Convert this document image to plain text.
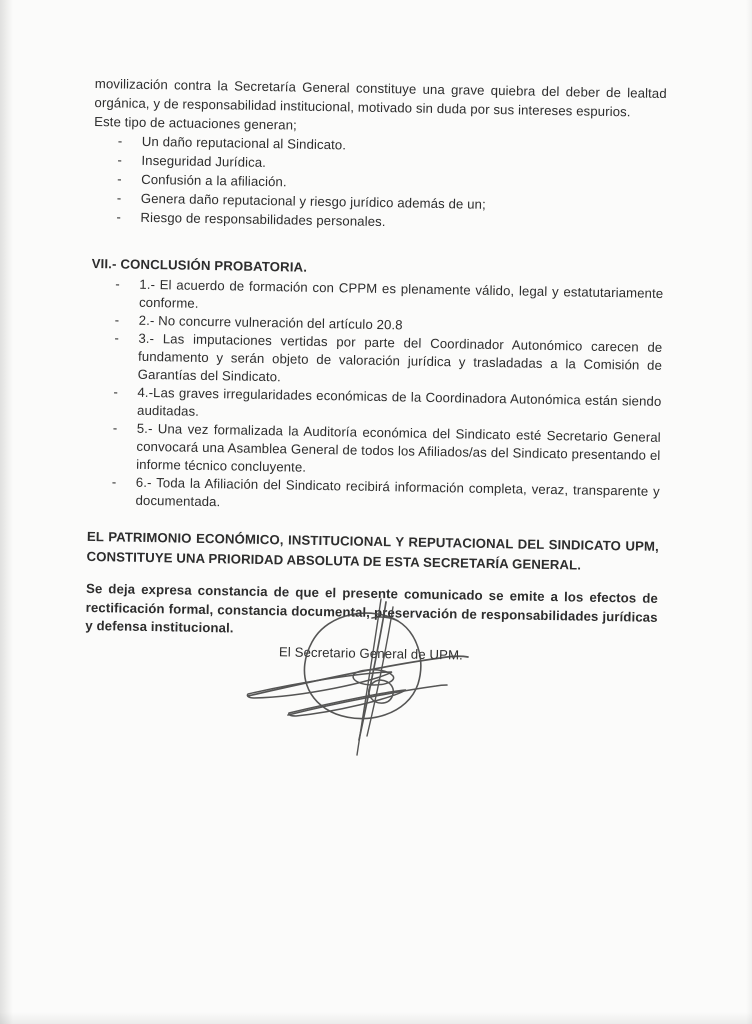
movilización contra la Secretaría General constituye una grave quiebra del deber de lealtad orgánica, y de responsabilidad institucional, motivado sin duda por sus intereses espurios.

Este tipo de actuaciones generan;

- Un daño reputacional al Sindicato.
- Inseguridad Jurídica.
- Confusión a la afiliación.
- Genera daño reputacional y riesgo jurídico además de un;
- Riesgo de responsabilidades personales.
VII.- CONCLUSIÓN PROBATORIA.
- 1.- El acuerdo de formación con CPPM es plenamente válido, legal y estatutariamente conforme.
- 2.- No concurre vulneración del artículo 20.8
- 3.- Las imputaciones vertidas por parte del Coordinador Autonómico carecen de fundamento y serán objeto de valoración jurídica y trasladadas a la Comisión de Garantías del Sindicato.
- 4.-Las graves irregularidades económicas de la Coordinadora Autonómica están siendo auditadas.
- 5.- Una vez formalizada la Auditoría económica del Sindicato esté Secretario General convocará una Asamblea General de todos los Afiliados/as del Sindicato presentando el informe técnico concluyente.
- 6.- Toda la Afiliación del Sindicato recibirá información completa, veraz, transparente y documentada.

EL PATRIMONIO ECONÓMICO, INSTITUCIONAL Y REPUTACIONAL DEL SINDICATO UPM, CONSTITUYE UNA PRIORIDAD ABSOLUTA DE ESTA SECRETARÍA GENERAL.

Se deja expresa constancia de que el presente comunicado se emite a los efectos de rectificación formal, constancia documental, preservación de responsabilidades jurídicas y defensa institucional.

El Secretario General de UPM.
